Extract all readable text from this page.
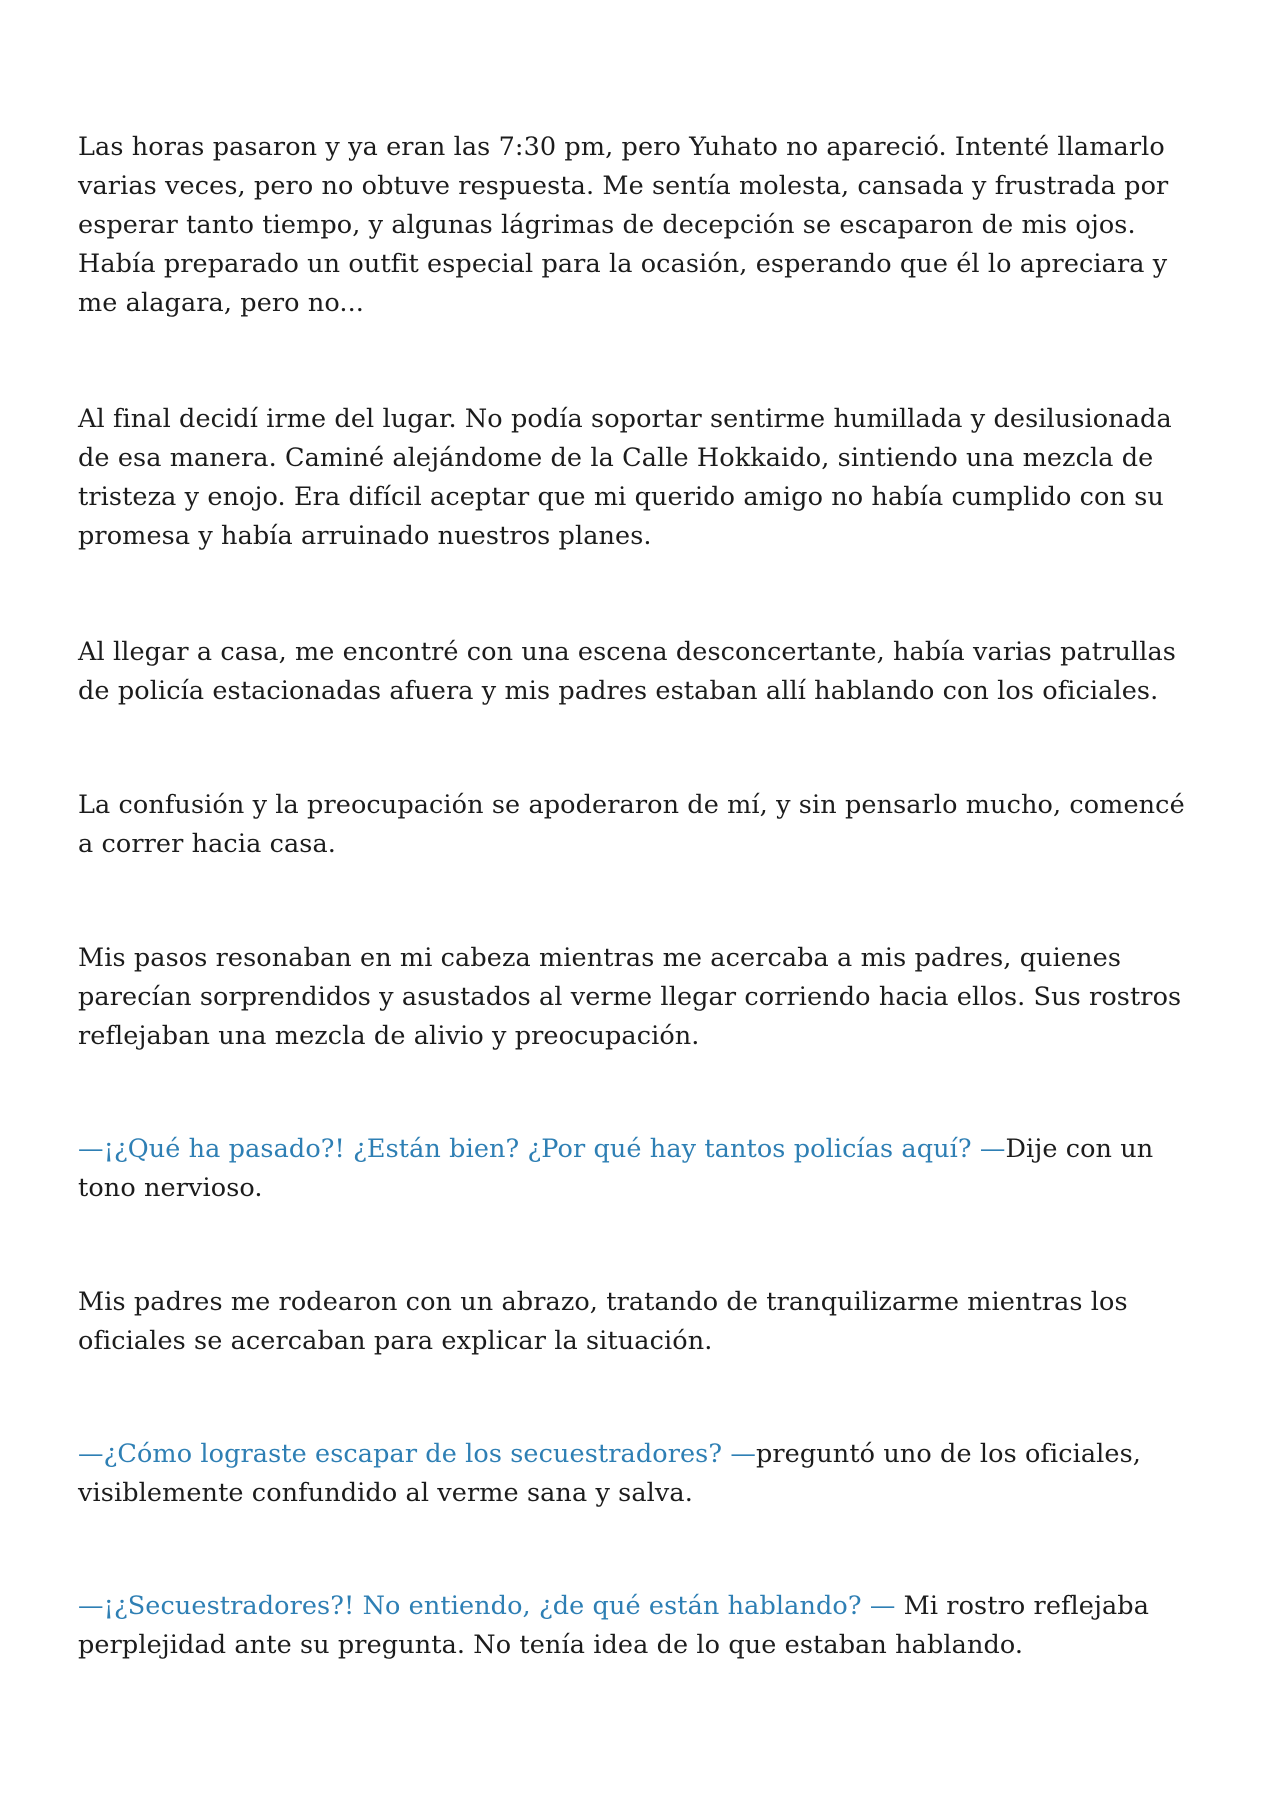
Las horas pasaron y ya eran las 7:30 pm, pero Yuhato no apareció. Intenté llamarlo varias veces, pero no obtuve respuesta. Me sentía molesta, cansada y frustrada por esperar tanto tiempo, y algunas lágrimas de decepción se escaparon de mis ojos. Había preparado un outfit especial para la ocasión, esperando que él lo apreciara y me alagara, pero no...

Al final decidí irme del lugar. No podía soportar sentirme humillada y desilusionada de esa manera. Caminé alejándome de la Calle Hokkaido, sintiendo una mezcla de tristeza y enojo. Era difícil aceptar que mi querido amigo no había cumplido con su promesa y había arruinado nuestros planes.

Al llegar a casa, me encontré con una escena desconcertante, había varias patrullas de policía estacionadas afuera y mis padres estaban allí hablando con los oficiales.

La confusión y la preocupación se apoderaron de mí, y sin pensarlo mucho, comencé a correr hacia casa.

Mis pasos resonaban en mi cabeza mientras me acercaba a mis padres, quienes parecían sorprendidos y asustados al verme llegar corriendo hacia ellos. Sus rostros reflejaban una mezcla de alivio y preocupación.

—¡¿Qué ha pasado?! ¿Están bien? ¿Por qué hay tantos policías aquí? —Dije con un tono nervioso.

Mis padres me rodearon con un abrazo, tratando de tranquilizarme mientras los oficiales se acercaban para explicar la situación.

—¿Cómo lograste escapar de los secuestradores? —preguntó uno de los oficiales, visiblemente confundido al verme sana y salva.

—¡¿Secuestradores?! No entiendo, ¿de qué están hablando? — Mi rostro reflejaba perplejidad ante su pregunta. No tenía idea de lo que estaban hablando.
